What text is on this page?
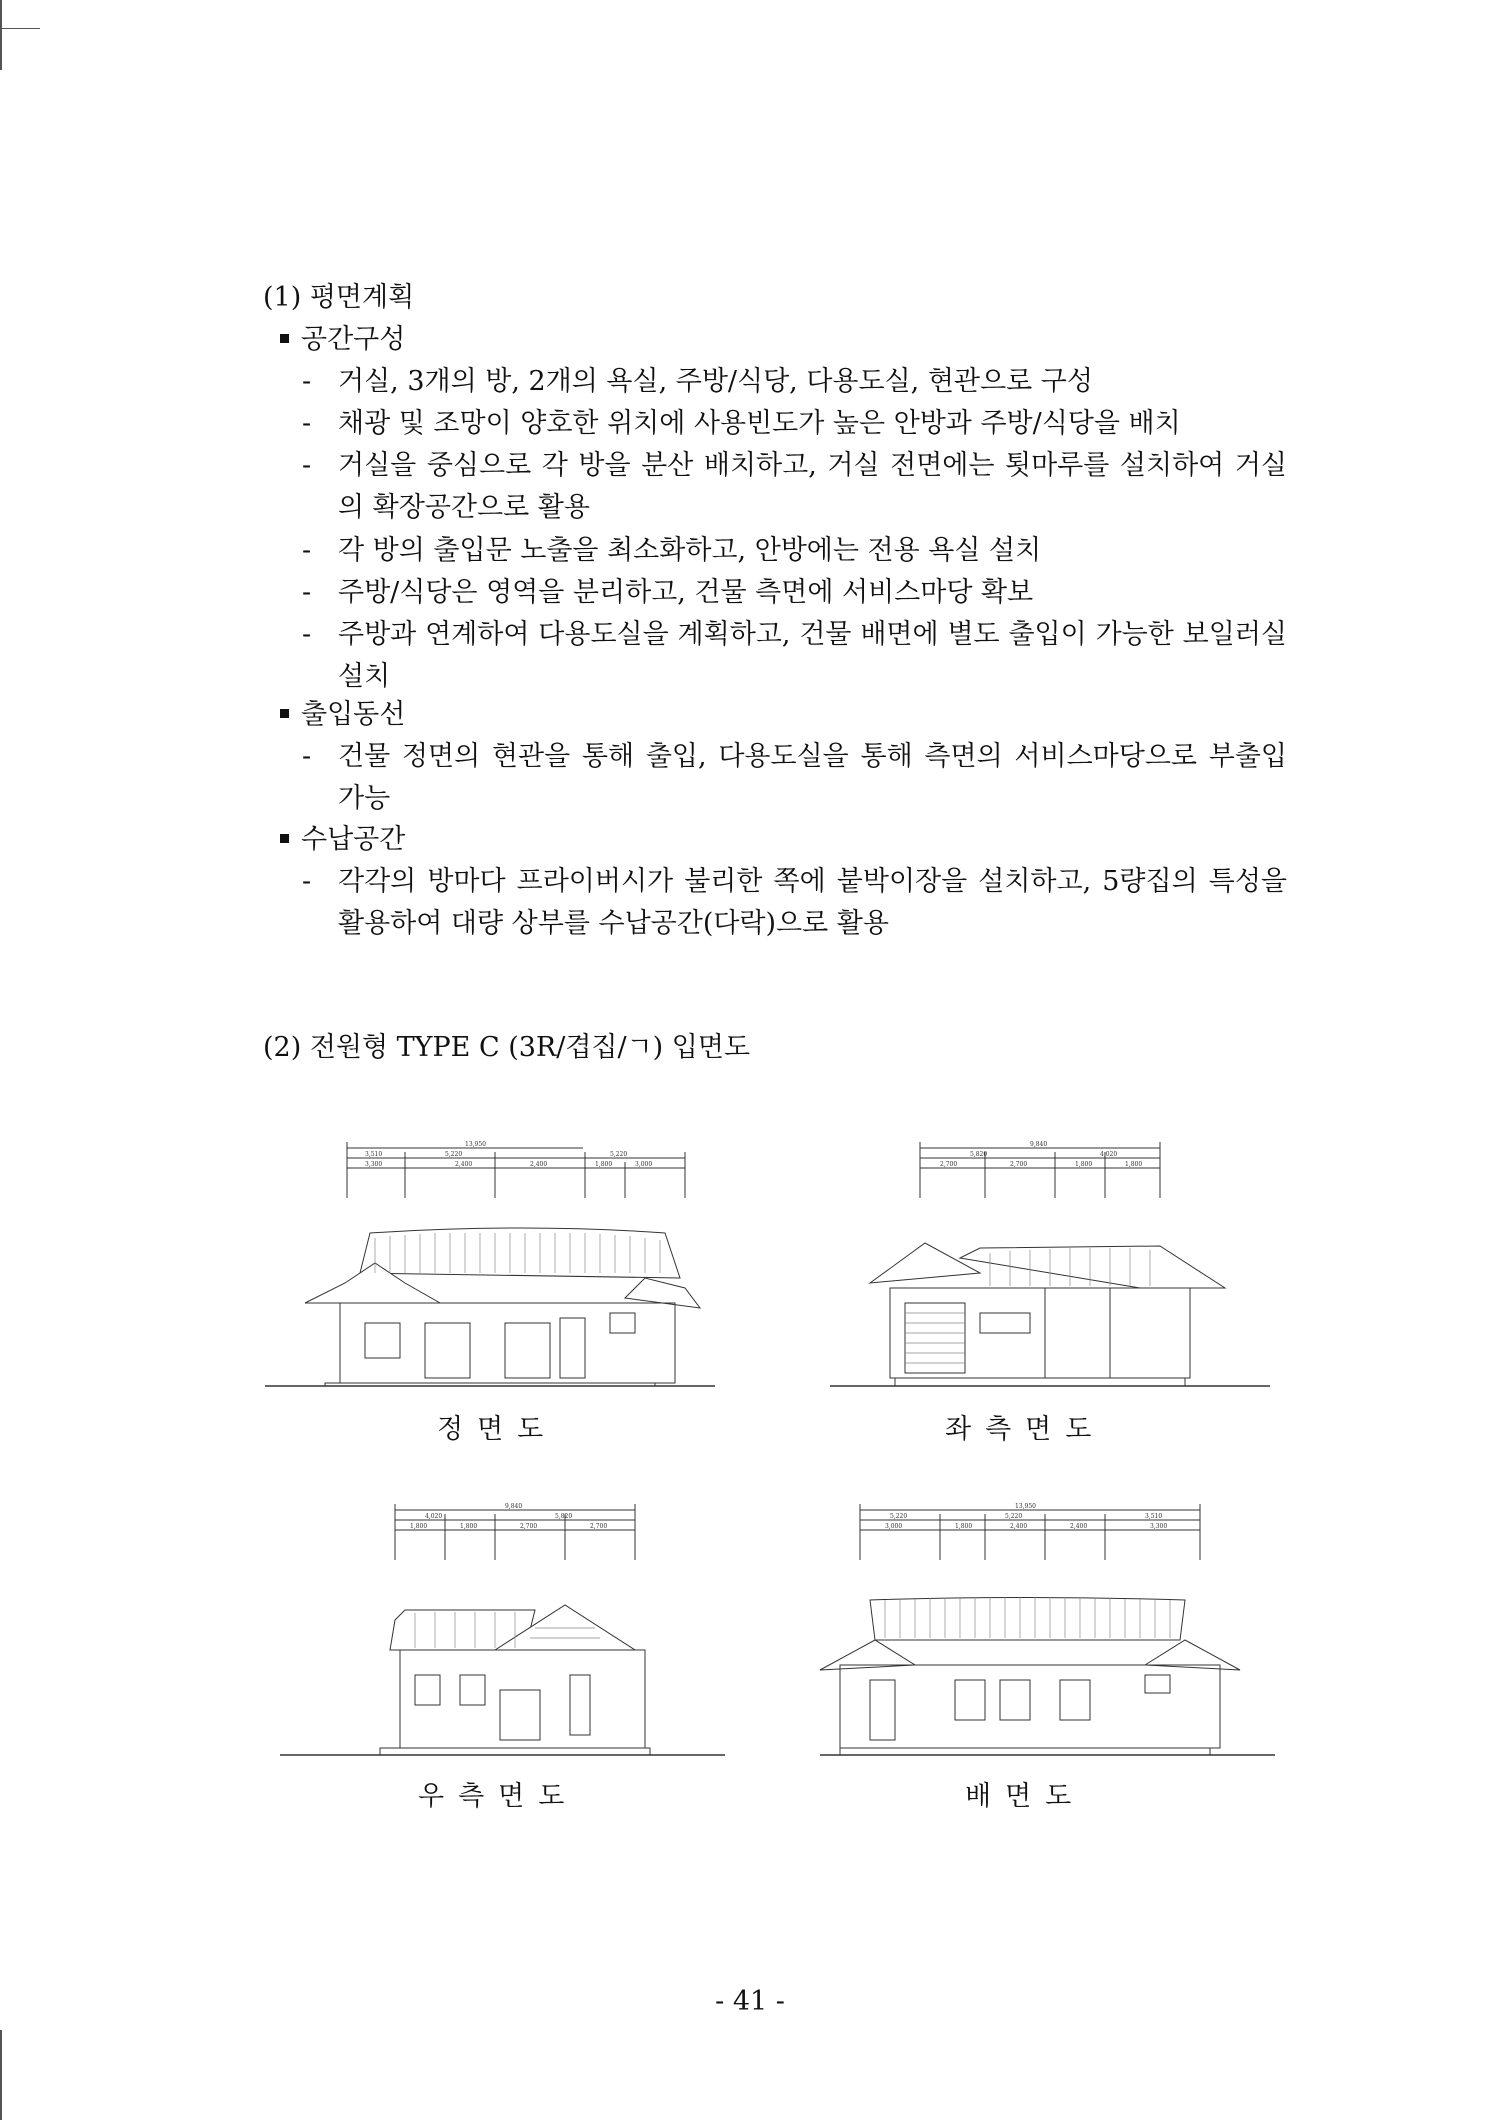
(1) 평면계획
공간구성
- 거실, 3개의 방, 2개의 욕실, 주방/식당, 다용도실, 현관으로 구성
- 채광 및 조망이 양호한 위치에 사용빈도가 높은 안방과 주방/식당을 배치
- 거실을 중심으로 각 방을 분산 배치하고, 거실 전면에는 툇마루를 설치하여 거실의 확장공간으로 활용
- 각 방의 출입문 노출을 최소화하고, 안방에는 전용 욕실 설치
- 주방/식당은 영역을 분리하고, 건물 측면에 서비스마당 확보
- 주방과 연계하여 다용도실을 계획하고, 건물 배면에 별도 출입이 가능한 보일러실 설치
출입동선
- 건물 정면의 현관을 통해 출입, 다용도실을 통해 측면의 서비스마당으로 부출입 가능
수납공간
- 각각의 방마다 프라이버시가 불리한 쪽에 붙박이장을 설치하고, 5량집의 특성을 활용하여 대량 상부를 수납공간(다락)으로 활용
(2) 전원형 TYPE C (3R/겹집/ㄱ) 입면도
13,950
3,510	5,220	5,220
3,300	2,400	2,400	1,800	3,000
정면도
9,840
5,820	4,020
2,700	2,700	1,800	1,800
좌측면도
9,840
4,020	5,820
1,800	1,800	2,700	2,700
우측면도
13,950
5,220	5,220	3,510
3,000	1,800	2,400	2,400	3,300
배면도
- 41 -
